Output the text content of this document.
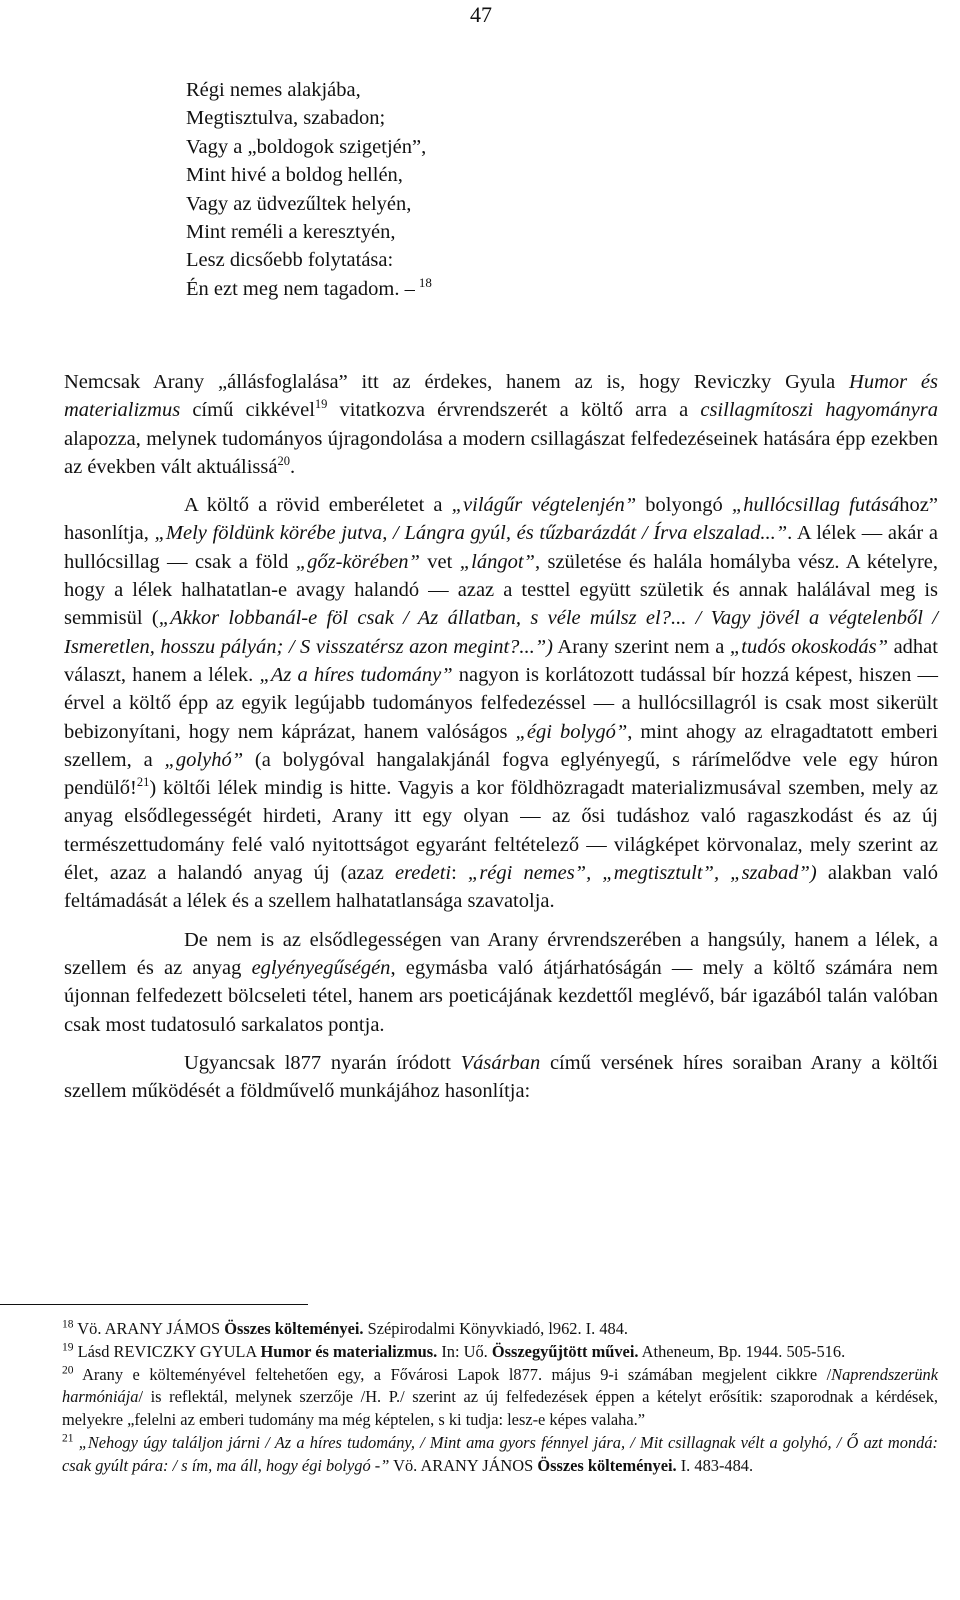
47
Régi nemes alakjába,
Megtisztulva, szabadon;
Vagy a „boldogok szigetjén”,
Mint hivé a boldog hellén,
Vagy az üdvezűltek helyén,
Mint reméli a keresztyén,
Lesz dicsőebb folytatása:
Én ezt meg nem tagadom. – $^{18}$

Nemcsak Arany „állásfoglalása” itt az érdekes, hanem az is, hogy Reviczky Gyula Humor és materializmus című cikkével$^{19}$ vitatkozva érvrendszerét a költő arra a csillagmítoszi hagyományra alapozza, melynek tudományos újragondolása a modern csillagászat felfedezéseinek hatására épp ezekben az években vált aktuálissá$^{20}$.

A költő a rövid emberéletet a „világűr végtelenjén” bolyongó „hullócsillag futásához” hasonlítja, „Mely földünk körébe jutva, / Lángra gyúl, és tűzbarázdát / Írva elszalad...”. A lélek — akár a hullócsillag — csak a föld „gőz-körében” vet „lángot”, születése és halála homályba vész. A kételyre, hogy a lélek halhatatlan-e avagy halandó — azaz a testtel együtt születik és annak halálával meg is semmisül („Akkor lobbanál-e föl csak / Az állatban, s véle múlsz el?... / Vagy jövél a végtelenből / Ismeretlen, hosszu pályán; / S visszatérsz azon megint?...”) Arany szerint nem a „tudós okoskodás” adhat választ, hanem a lélek. „Az a híres tudomány” nagyon is korlátozott tudással bír hozzá képest, hiszen — érvel a költő épp az egyik legújabb tudományos felfedezéssel — a hullócsillagról is csak most sikerült bebizonyítani, hogy nem káprázat, hanem valóságos „égi bolygó”, mint ahogy az elragadtatott emberi szellem, a „golyhó” (a bolygóval hangalakjánál fogva eglyényegű, s rárímelődve vele egy húron pendülő!$^{21}$) költői lélek mindig is hitte. Vagyis a kor földhözragadt materializmusával szemben, mely az anyag elsődlegességét hirdeti, Arany itt egy olyan — az ősi tudáshoz való ragaszkodást és az új természettudomány felé való nyitottságot egyaránt feltételező — világképet körvonalaz, mely szerint az élet, azaz a halandó anyag új (azaz eredeti: „régi nemes”, „megtisztult”, „szabad”) alakban való feltámadását a lélek és a szellem halhatatlansága szavatolja.

De nem is az elsődlegességen van Arany érvrendszerében a hangsúly, hanem a lélek, a szellem és az anyag eglyényegűségén, egymásba való átjárhatóságán — mely a költő számára nem újonnan felfedezett bölcseleti tétel, hanem ars poeticájának kezdettől meglévő, bár igazából talán valóban csak most tudatosuló sarkalatos pontja.

Ugyancsak l877 nyarán íródott Vásárban című versének híres soraiban Arany a költői szellem működését a földművelő munkájához hasonlítja:

$^{18}$ Vö. ARANY JÁMOS Összes költeményei. Szépirodalmi Könyvkiadó, l962. I. 484.

$^{19}$ Lásd REVICZKY GYULA Humor és materializmus. In: Uő. Összegyűjtött művei. Atheneum, Bp. 1944. 505-516.

$^{20}$ Arany e költeményével feltehetően egy, a Fővárosi Lapok l877. május 9-i számában megjelent cikkre /Naprendszerünk harmóniája/ is reflektál, melynek szerzője /H. P./ szerint az új felfedezések éppen a kételyt erősítik: szaporodnak a kérdések, melyekre „felelni az emberi tudomány ma még képtelen, s ki tudja: lesz-e képes valaha.”

$^{21}$ „Nehogy úgy találjon járni / Az a híres tudomány, / Mint ama gyors fénnyel jára, / Mit csillagnak vélt a golyhó, / Ő azt mondá: csak gyúlt pára: / s ím, ma áll, hogy égi bolygó -” Vö. ARANY JÁNOS Összes költeményei. I. 483-484.
